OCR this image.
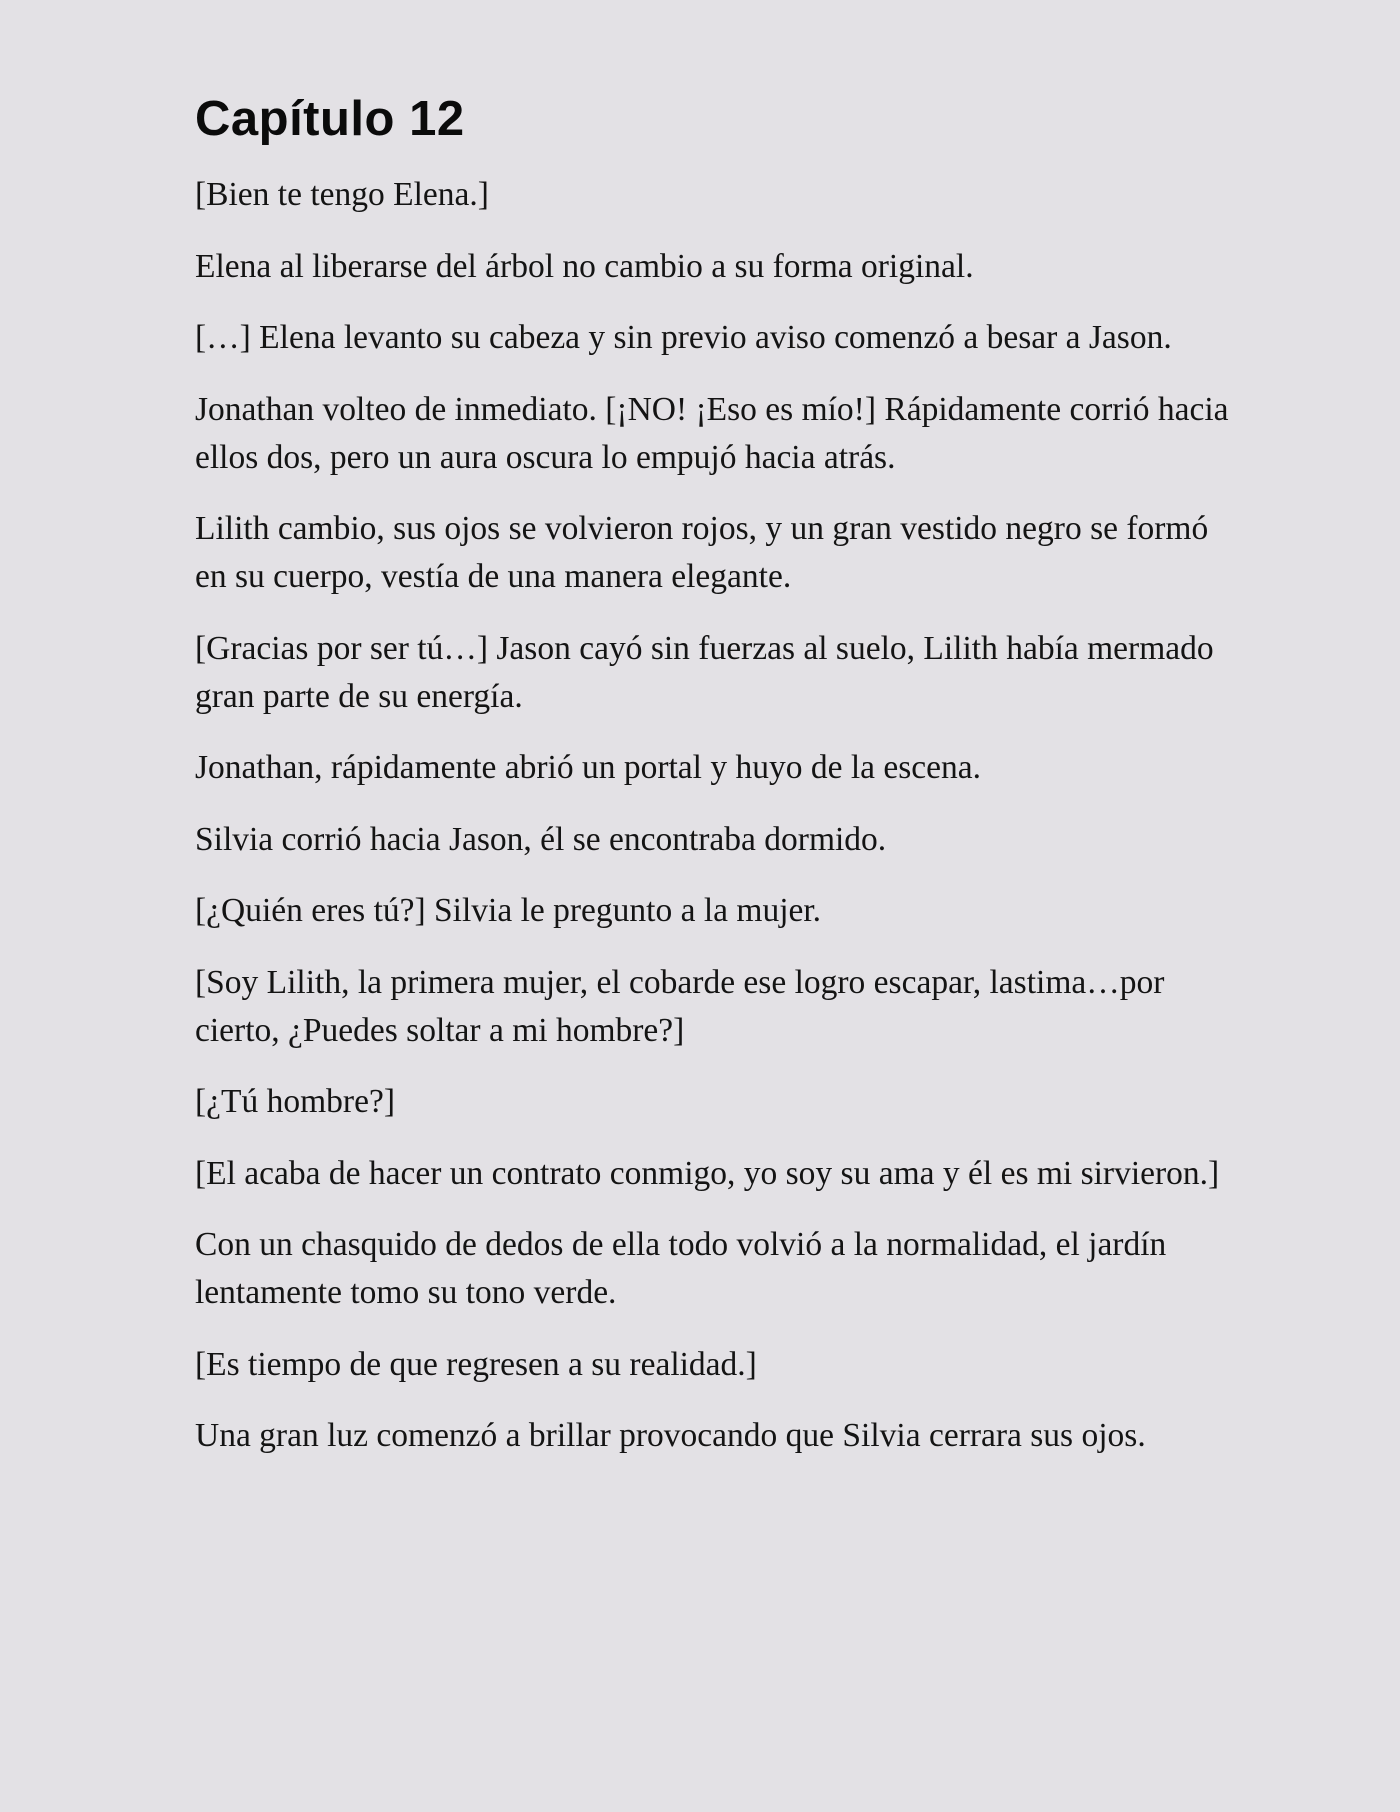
Capítulo 12

[Bien te tengo Elena.]

Elena al liberarse del árbol no cambio a su forma original.

[…] Elena levanto su cabeza y sin previo aviso comenzó a besar a Jason.

Jonathan volteo de inmediato. [¡NO! ¡Eso es mío!] Rápidamente corrió hacia ellos dos, pero un aura oscura lo empujó hacia atrás.

Lilith cambio, sus ojos se volvieron rojos, y un gran vestido negro se formó en su cuerpo, vestía de una manera elegante.

[Gracias por ser tú…] Jason cayó sin fuerzas al suelo, Lilith había mermado gran parte de su energía.

Jonathan, rápidamente abrió un portal y huyo de la escena.

Silvia corrió hacia Jason, él se encontraba dormido.

[¿Quién eres tú?] Silvia le pregunto a la mujer.

[Soy Lilith, la primera mujer, el cobarde ese logro escapar, lastima…por cierto, ¿Puedes soltar a mi hombre?]

[¿Tú hombre?]

[El acaba de hacer un contrato conmigo, yo soy su ama y él es mi sirvieron.]

Con un chasquido de dedos de ella todo volvió a la normalidad, el jardín lentamente tomo su tono verde.

[Es tiempo de que regresen a su realidad.]

Una gran luz comenzó a brillar provocando que Silvia cerrara sus ojos.
